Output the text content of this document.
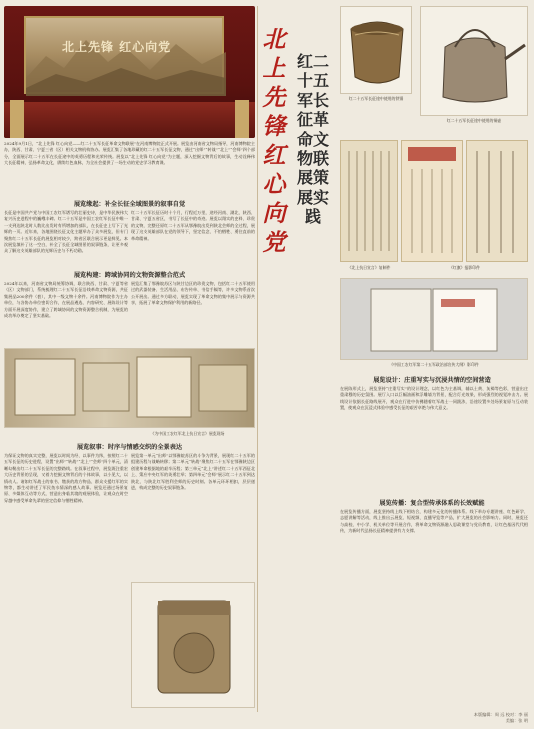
北上先锋 红心向党
2024年9月1日，“北上先锋 红心向党——红二十五军长征革命文物联展”在河南博物院正式开展。展览由河南省文物局指导，河南博物院主办，陕西、甘肃、宁夏三省（区）相关文物机构协办。展览汇集了各地珍藏的红二十五军长征文物，通过“出师”“转战”“北上”“会师”四个部分，全面展示红二十五军在长征途中的英勇历程和光荣传统。展览以“北上先锋 红心向党”为主题，深入挖掘文物背后的故事，生动诠释伟大长征精神，弘扬革命文化，赓续红色血脉，为全社会提供了一场生动的党史学习教育课。
展览缘起：补全长征全域图景的叙事自觉
长征是中国共产党与中国工农红军谱写的壮丽史诗，是中华民族伟大复兴历史进程中的巍峨丰碑。红二十五军是中国工农红军长征中唯一一支到达陕北时人数比出发时有所增加的部队，在长征史上写下了光辉的一页。近年来，各地围绕长征文化主题举办了众多展览，但专门聚焦红二十五军长征的展览相对较少，跨省区联合展示更是鲜见。本次展览填补了这一空白，补全了长征全域图景的叙事链条，让更多观众了解这支英雄部队的光辉历史与不朽功勋。
红二十五军长征历时十个月，行程近万里，途经河南、湖北、陕西、甘肃、宁夏五省区，书写了长征中的奇迹。展览以翔实的史料、珍贵的文物，完整还原红二十五军从鄂豫皖出发到陕北会师的全过程，展现了这支英雄部队在党的领导下，坚定信念、不怕牺牲、勇往直前的革命精神。
展览构建：跨域协同的文物资源整合范式
2024年以来，河南省文物局统筹协调，联合陕西、甘肃、宁夏等省（区）文物部门，系统梳理红二十五军长征沿线革命文物资源，共征集展品200余件（套），其中一级文物十余件。河南博物院作为主办单位，与各协办单位密切合作，在展品遴选、内容研究、展陈设计等方面开展深度协作，建立了跨域协同的文物资源整合机制，为展览的成功举办奠定了坚实基础。
展览汇集了鄂豫皖苏区与陕甘边区的珍贵文物，包括红二十五军使用过的武器装备、生活用品、布告传单、书信手稿等，许多文物系首次公开展出。通过多方联动，展览实现了革命文物的集中展示与资源共享，拓展了革命文物保护利用的新路径。
《为中国工农红军北上抗日宣言》展览现场
展览叙事：时序与情感交织的全景表达
为保证文物的真实完整，展览以时间为经、以事件为纬，按照红二十五军长征的历史进程，设置“出师”“转战”“北上”“会师”四个单元，清晰勾勒出红二十五军长征的完整路线。在叙事过程中，展览既注重宏大历史背景的呈现，又着力挖掘文物背后的个体故事，以小见大，以情动人。诸如红军战士的家书、缴获的敌方物品、群众支援红军的实物等，都生动讲述了军民鱼水情深的感人故事。展览还通过场景复原、多媒体互动等方式，营造出身临其境的观展体验，让观众在时空穿越中感受革命先辈的坚定信仰与牺牲精神。
展览第一单元“出师”以鄂豫皖苏区的斗争为背景，展现红二十五军的组建历程与战略转移；第二单元“转战”聚焦红二十五军在鄂豫陕边区创建革命根据地的艰辛历程；第三单元“北上”讲述红二十五军西征北上、策应中央红军的英勇壮举；第四单元“会师”展示红二十五军到达陕北、与陕北红军胜利会师的历史时刻。各单元环环相扣，层层递进，构成完整的历史叙事链条。
北上先锋 红心向党
红二十五军长征革命文物联展策展实践
红二十五军长征途中使用的铁锅
红二十五军长征途中使用的铜壶
《北上抗日宣言》复制件	《红旗》报影印件
《中国工农红军第二十五军政治部宣传大纲》影印件
展览设计：庄重写实与沉浸共情的空间营造
在展陈形式上，展览坚持“庄重写实”的设计理念，以红色为主基调，辅以土黄、灰褐等色彩，营造出庄重肃穆的历史氛围。展厅入口以巨幅油画和浮雕墙为背景，配合灯光效果，形成强烈的视觉冲击力。展线设计依据长征路线展开，观众在行进中仿佛随着红军战士一同跋涉，沿途设置多处场景复原与互动装置，使观众在沉浸式体验中感受长征的艰苦卓绝与伟大意义。
展览传播：复合型传承体系的长效赋能
在展览传播方面，展览坚持线上线下相结合，构建多元化的传播体系。线下举办专题讲座、红色研学、志愿讲解等活动，线上推出云展览、短视频、直播导览等产品，扩大展览的社会影响力。同时，展览还与高校、中小学、机关单位等开展合作，将革命文物资源融入思政课堂与党员教育，让红色基因代代相传，为新时代弘扬长征精神提供有力支撑。
本版编辑：周 远 校对：李 丽
美编：张 明
